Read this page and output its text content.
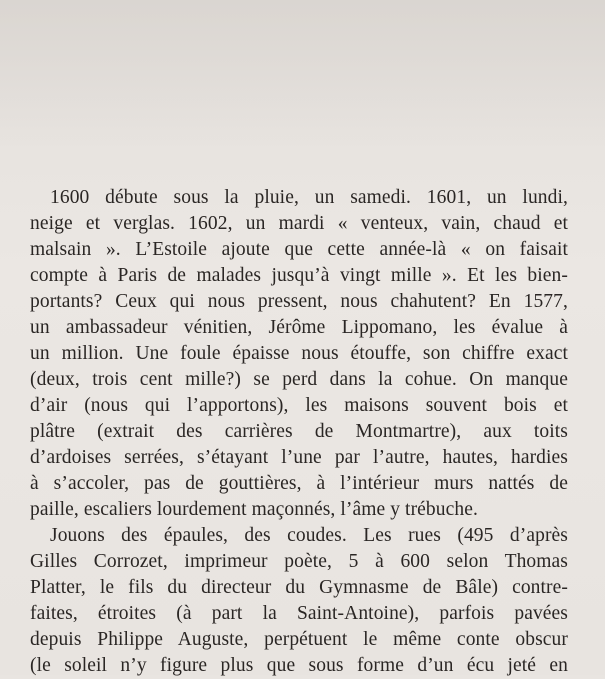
1600 débute sous la pluie, un samedi. 1601, un lundi,
neige et verglas. 1602, un mardi « venteux, vain, chaud et
malsain ». L’Estoile ajoute que cette année-là « on faisait
compte à Paris de malades jusqu’à vingt mille ». Et les bien-
portants? Ceux qui nous pressent, nous chahutent? En 1577,
un ambassadeur vénitien, Jérôme Lippomano, les évalue à
un million. Une foule épaisse nous étouffe, son chiffre exact
(deux, trois cent mille?) se perd dans la cohue. On manque
d’air (nous qui l’apportons), les maisons souvent bois et
plâtre (extrait des carrières de Montmartre), aux toits
d’ardoises serrées, s’étayant l’une par l’autre, hautes, hardies
à s’accoler, pas de gouttières, à l’intérieur murs nattés de
paille, escaliers lourdement maçonnés, l’âme y trébuche.
Jouons des épaules, des coudes. Les rues (495 d’après
Gilles Corrozet, imprimeur poète, 5 à 600 selon Thomas
Platter, le fils du directeur du Gymnasme de Bâle) contre-
faites, étroites (à part la Saint-Antoine), parfois pavées
depuis Philippe Auguste, perpétuent le même conte obscur
(le soleil n’y figure plus que sous forme d’un écu jeté en
